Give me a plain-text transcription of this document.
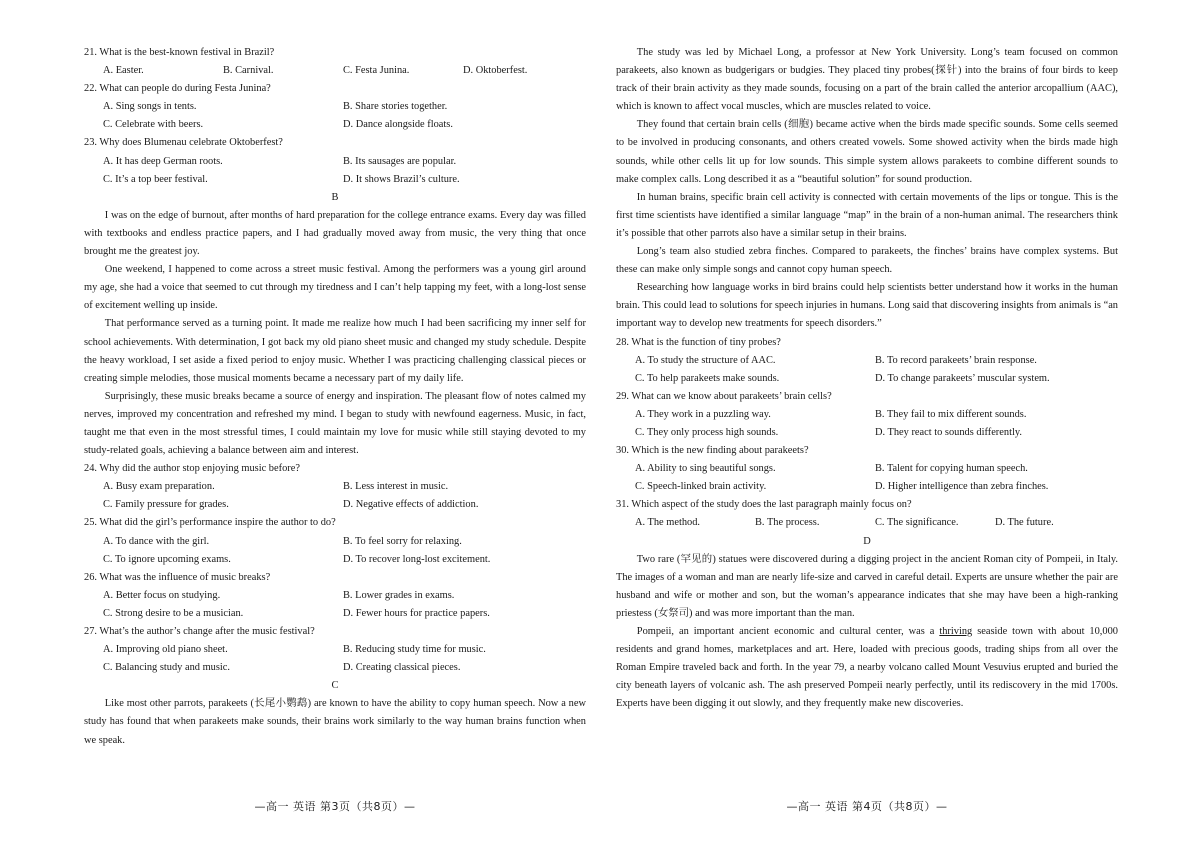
21. What is the best-known festival in Brazil?

A. Easter.	B. Carnival.	C. Festa Junina.	D. Oktoberfest.

22. What can people do during Festa Junina?

A. Sing songs in tents.	B. Share stories together.
C. Celebrate with beers.	D. Dance alongside floats.

23. Why does Blumenau celebrate Oktoberfest?

A. It has deep German roots.	B. Its sausages are popular.
C. It’s a top beer festival.	D. It shows Brazil’s culture.

B

I was on the edge of burnout, after months of hard preparation for the college entrance exams. Every day was filled with textbooks and endless practice papers, and I had gradually moved away from music, the very thing that once brought me the greatest joy.

One weekend, I happened to come across a street music festival. Among the performers was a young girl around my age, she had a voice that seemed to cut through my tiredness and I can’t help tapping my feet, with a long-lost sense of excitement welling up inside.

That performance served as a turning point. It made me realize how much I had been sacrificing my inner self for school achievements. With determination, I got back my old piano sheet music and changed my study schedule. Despite the heavy workload, I set aside a fixed period to enjoy music. Whether I was practicing challenging classical pieces or creating simple melodies, those musical moments became a necessary part of my daily life.

Surprisingly, these music breaks became a source of energy and inspiration. The pleasant flow of notes calmed my nerves, improved my concentration and refreshed my mind. I began to study with newfound eagerness. Music, in fact, taught me that even in the most stressful times, I could maintain my love for music while still staying devoted to my study-related goals, achieving a balance between aim and interest.

24. Why did the author stop enjoying music before?

A. Busy exam preparation.	B. Less interest in music.
C. Family pressure for grades.	D. Negative effects of addiction.

25. What did the girl’s performance inspire the author to do?

A. To dance with the girl.	B. To feel sorry for relaxing.
C. To ignore upcoming exams.	D. To recover long-lost excitement.

26. What was the influence of music breaks?

A. Better focus on studying.	B. Lower grades in exams.
C. Strong desire to be a musician.	D. Fewer hours for practice papers.

27. What’s the author’s change after the music festival?

A. Improving old piano sheet.	B. Reducing study time for music.
C. Balancing study and music.	D. Creating classical pieces.

C

Like most other parrots, parakeets (长尾小鹦鹉) are known to have the ability to copy human speech. Now a new study has found that when parakeets make sounds, their brains work similarly to the way human brains function when we speak.

—高一 英语 第3页（共8页）—

The study was led by Michael Long, a professor at New York University. Long’s team focused on common parakeets, also known as budgerigars or budgies. They placed tiny probes(探针) into the brains of four birds to keep track of their brain activity as they made sounds, focusing on a part of the brain called the anterior arcopallium (AAC), which is known to affect vocal muscles, which are muscles related to voice.

They found that certain brain cells (细胞) became active when the birds made specific sounds. Some cells seemed to be involved in producing consonants, and others created vowels. Some showed activity when the birds made high sounds, while other cells lit up for low sounds. This simple system allows parakeets to combine different sounds to make complex calls. Long described it as a “beautiful solution” for sound production.

In human brains, specific brain cell activity is connected with certain movements of the lips or tongue. This is the first time scientists have identified a similar language “map” in the brain of a non-human animal. The researchers think it’s possible that other parrots also have a similar setup in their brains.

Long’s team also studied zebra finches. Compared to parakeets, the finches’ brains have complex systems. But these can make only simple songs and cannot copy human speech.

Researching how language works in bird brains could help scientists better understand how it works in the human brain. This could lead to solutions for speech injuries in humans. Long said that discovering insights from animals is “an important way to develop new treatments for speech disorders.”

28. What is the function of tiny probes?

A. To study the structure of AAC.	B. To record parakeets’ brain response.
C. To help parakeets make sounds.	D. To change parakeets’ muscular system.

29. What can we know about parakeets’ brain cells?

A. They work in a puzzling way.	B. They fail to mix different sounds.
C. They only process high sounds.	D. They react to sounds differently.

30. Which is the new finding about parakeets?

A. Ability to sing beautiful songs.	B. Talent for copying human speech.
C. Speech-linked brain activity.	D. Higher intelligence than zebra finches.

31. Which aspect of the study does the last paragraph mainly focus on?

A. The method.	B. The process.	C. The significance.	D. The future.

D

Two rare (罕见的) statues were discovered during a digging project in the ancient Roman city of Pompeii, in Italy. The images of a woman and man are nearly life-size and carved in careful detail. Experts are unsure whether the pair are husband and wife or mother and son, but the woman’s appearance indicates that she may have been a high-ranking priestess (女祭司) and was more important than the man.

Pompeii, an important ancient economic and cultural center, was a thriving seaside town with about 10,000 residents and grand homes, marketplaces and art. Here, loaded with precious goods, trading ships from all over the Roman Empire traveled back and forth. In the year 79, a nearby volcano called Mount Vesuvius erupted and buried the city beneath layers of volcanic ash. The ash preserved Pompeii nearly perfectly, until its rediscovery in the mid 1700s. Experts have been digging it out slowly, and they frequently make new discoveries.

—高一 英语 第4页（共8页）—
